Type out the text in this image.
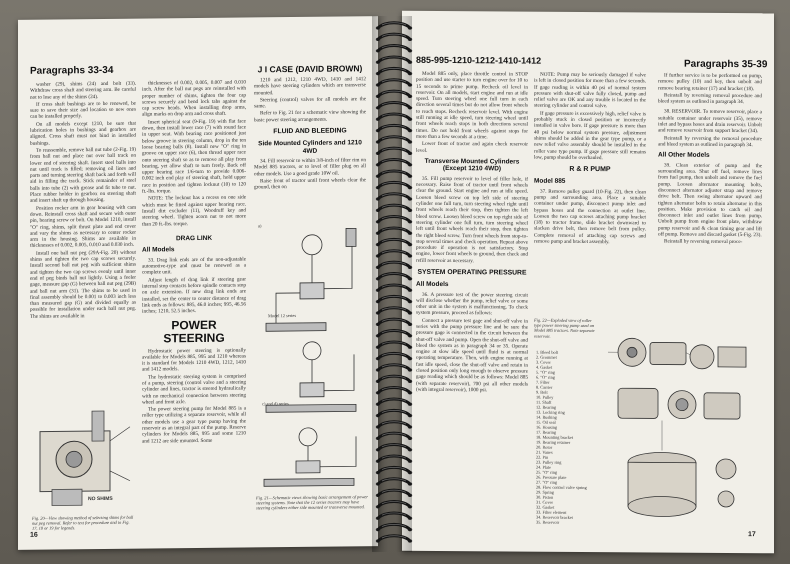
Paragraphs 33-34

washer (29), shims (24) and bolt (33). Withdraw cross shaft and steering arm. Be careful not to lose any of the shims (24).

If cross shaft bushings are to be renewed, be sure to save their size and location so new ones can be installed properly.

On all models except 1210, be sure that lubrication holes in bushings and gearbox are aligned. Cross shaft must not bind in installed bushings.

To reassemble, remove ball nut tube (2-Fig. 19) from ball nut and place nut over ball track on lower end of steering shaft. Insert steel balls into nut until track is filled; removing oil lines and parts and turning steering shaft back and forth will aid in filling the track. Stick remainder of steel balls into tube (2) with grease and fit tube to nut. Place rubber holder in gearbox on steering shaft and insert shaft up through housing.

Position rocker arm in gear housing with cam down. Reinstall cross shaft and secure with outer pin, bearing screw or bolt. On Model 1210, install "O" ring, shims, split thrust plate and end cover and vary the shims as necessary to center rocker arm in the housing. Shims are available in thicknesses of 0.002, 0.005, 0.010 and 0.030 inch.

Install one ball nut peg (29A-Fig. 20) without shims and tighten the two cap screws securely. Install second ball nut peg with sufficient shims and tighten the two cap screws evenly until inner end of peg binds ball nut lightly. Using a feeler gage, measure gap (G) between ball nut peg (29B) and ball nut arm (31). The shims to be used in final assembly should be 0.001 to 0.003 inch less than measured gap (G) and divided equally as possible for installation under each ball nut peg. The shims are available in

NO SHIMS
Fig. 20—View showing method of selecting shims for ball nut peg removal. Refer to text for procedure and to Fig. 17, 18 or 19 for legends.

thicknesses of 0.002, 0.005, 0.007 and 0.010 inch. After the ball nut pegs are reinstalled with proper number of shims, tighten the four cap screws securely and bend lock tabs against the cap screw heads. When installing drop arms, align marks on drop arm and cross shaft.

Insert spherical seat (9-Fig. 19) with flat face down, then install lower race (7) with round face in upper seat. With bearing race positioned just below groove in steering column, drop in the ten loose bearing balls (8). Install new "O" ring in groove on upper race (6), then thread upper race onto steering shaft so as to remove all play from bearing, yet allow shaft to turn freely. Back off upper bearing race 1/6-turn to provide 0.006-0.002 inch end play of steering shaft, hold upper race in position and tighten locknut (10) to 120 ft.-lbs. torque.

NOTE: The locknut has a recess on one side which must be fitted against upper bearing race. Install dirt excluder (11), Woodruff key and steering wheel. Tighten acorn nut to not more than 20 ft.-lbs. torque.

DRAG LINK
All Models

33. Drag link ends are of the non-adjustable automotive-type and must be renewed as a complete unit.

Adjust length of drag link if steering gear internal stop contacts before spindle contacts stop on axle extension. If new drag link ends are installed, set the center to center distance of drag link ends as follows: 885, 46.0 inches; 995, 46.56 inches; 1210, 52.5 inches.

POWER STEERING

Hydrostatic power steering is optionally available for Models 885, 995 and 1210 whereas it is standard for Models 1210 4WD, 1212, 1410 and 1412 models.

The hydrostatic steering system is comprised of a pump, steering (control valve and a steering cylinder and lines, tractor is steered hydraulically with no mechanical connection between steering wheel and front axle.

The power steering pump for Model 885 is a roller type utilizing a separate reservoir, while all other models use a gear type pump having the reservoir as an integral part of the pump. Reserve cylinders for Models 885, 995 and some 1210 and 1212 are side mounted. Some

J I CASE (DAVID BROWN)

1210 and 1212, 1210 4WD, 1410 and 1412 models have steering cylinders which are transverse mounted.

Steering (control) valves for all models are the same.

Refer to Fig. 21 for a schematic view showing the basic power steering arrangements.

FLUID AND BLEEDING
Side Mounted Cylinders and 1210 4WD

34. Fill reservoir to within 3/8-inch of filter rim on Model 885 tractors, or to level of filler plug on all other models. Use a good grade 10W oil.

Raise front of tractor until front wheels clear the ground, then on

a)
Model 12 series
c) and d) series
Fig. 21—Schematic views showing basic arrangement of power steering systems. Note that the 12 series tractors may have steering cylinders either side mounted or transverse mounted.
16
885-995-1210-1212-1410-1412	Paragraphs 35-39

Model 885 only, place throttle control in STOP position and use starter to turn engine over for 10 to 15 seconds to prime pump. Recheck oil level in reservoir. On all models, start engine and run at idle speed. Turn steering wheel one full turn in each direction several times but do not allow front wheels to reach stops. Recheck reservoir level. With engine still running at idle speed, turn steering wheel until front wheels reach stops in both directions several times. Do not hold front wheels against stops for more than a few seconds at a time.

Lower front of tractor and again check reservoir level.

Transverse Mounted Cylinders (Except 1210 4WD)

35. Fill pump reservoir to level of filler hole, if necessary. Raise front of tractor until front wheels clear the ground. Start engine and run at idle speed. Loosen bleed screw on top left side of steering cylinder one full turn, turn steering wheel right until front wheels reach their stop, then tighten the left bleed screw. Loosen bleed screw on top right side of steering cylinder one full turn, turn steering wheel left until front wheels reach their stop, then tighten the right bleed screw. Turn front wheels from stop-to-stop several times and check operation. Repeat above procedure if operation is not satisfactory. Stop engine, lower front wheels to ground, then check and refill reservoir as necessary.

SYSTEM OPERATING PRESSURE
All Models

36. A pressure test of the power steering circuit will disclose whether the pump, relief valve or some other unit in the system is malfunctioning. To check system pressure, proceed as follows:

Connect a pressure test gage and shut-off valve in series with the pump pressure line and be sure the pressure gage is connected in the circuit between the shut-off valve and pump. Open the shut-off valve and bleed the system as in paragraph 34 or 35. Operate engine at slow idle speed until fluid is at normal operating temperature. Then, with engine running at fast idle speed, close the shut-off valve and retain in closed position only long enough to observe pressure gage reading which should be as follows: Model 885 (with separate reservoir), 700 psi all other models (with integral reservoir), 1000 psi.

NOTE: Pump may be seriously damaged if valve is left in closed position for more than a few seconds. If gage reading is within 40 psi of normal system pressure with shut-off valve fully closed, pump and relief valve are OK and any trouble is located in the steering cylinder and control valve.

If gage pressure is excessively high, relief valve is probably stuck in closed position or incorrectly installed in valve bore. If gage pressure is more than 40 psi below normal system pressure, adjustment shims should be added in the gear type pump, or a new relief valve assembly should be installed in the roller vane type pump. If gage pressure still remains low, pump should be overhauled.

R & R PUMP
Model 885

37. Remove pulley guard (10-Fig. 22), then clean pump and surrounding area. Place a suitable container under pump, disconnect pump inlet and bypass hoses and the connection at outlet line. Loosen the two cap screws attaching pump bracket (18) to tractor frame, slide bracket downward to slacken drive belt, then remove belt from pulley. Complete removal of attaching cap screws and remove pump and bracket assembly.

Fig. 22—Exploded view of roller type power steering pump used on Model 885 tractors. Note separate reservoir.
1. Bleed bolt
2. Grommet
3. Cover
4. Gasket
5. "O" ring
6. "O" ring
7. Filter
8. Carrier
9. Bolt
10. Pulley
11. Shaft
12. Bearing
13. Locking ring
14. Bushing
15. Oil seal
16. Housing
17. Bearing
18. Mounting bracket
19. Bearing retainer
20. Rotor
21. Vanes
22. Pin
23. Pulley ring
24. Plate
25. "O" ring
26. Pressure plate
27. "O" ring
28. Flow control valve spring
29. Spring
30. Piston
31. Cover
32. Gasket
33. Filter element
34. Reservoir bracket
35. Reservoir

If further service is to be performed on pump, remove pulley (10) and key, then unbolt and remove bearing retainer (17) and bracket (18).

Reinstall by reversing removal procedure and bleed system as outlined in paragraph 34.

38. RESERVOIR. To remove reservoir, place a suitable container under reservoir (35), remove inlet and bypass hoses and drain reservoir. Unbolt and remove reservoir from support bracket (34).

Reinstall by reversing the removal procedure and bleed system as outlined in paragraph 34.

All Other Models

39. Clean exterior of pump and the surrounding area. Shut off fuel, remove lines from fuel pump, then unbolt and remove the fuel pump. Loosen alternator mounting bolts, disconnect alternator adjuster strap and remove drive belt. Then swing alternator upward and tighten alternator bolts to retain alternator in this position. Make provision to catch oil and disconnect inlet and outlet lines from pump. Unbolt pump from engine front plate, withdraw pump reservoir and & clean timing gear and lift off pump. Remove and discard gasket (5-Fig. 23).

Reinstall by reversing removal proce-

17
